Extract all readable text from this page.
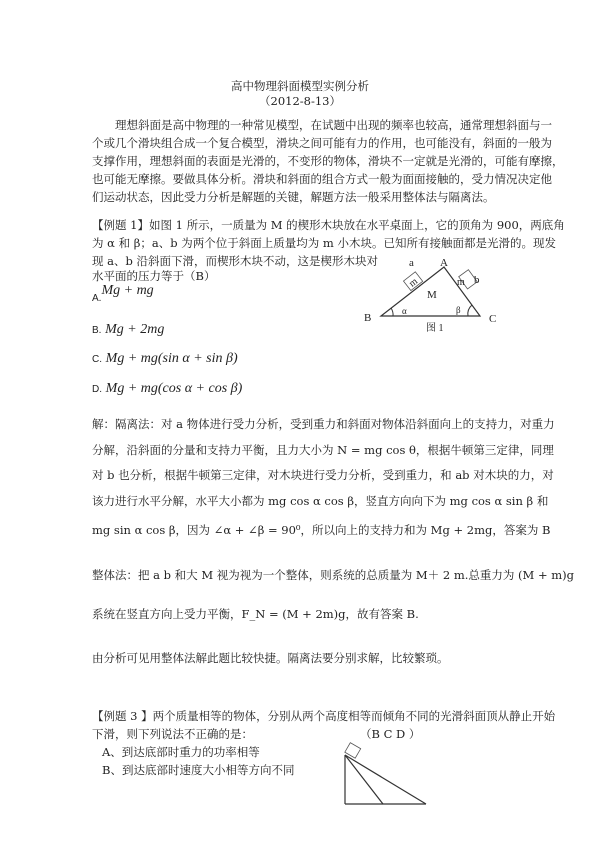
高中物理斜面模型实例分析
（2012-8-13）
　　理想斜面是高中物理的一种常见模型，在试题中出现的频率也较高，通常理想斜面与一
个或几个滑块组合成一个复合模型，滑块之间可能有力的作用，也可能没有，斜面的一般为
支撑作用，理想斜面的表面是光滑的，不变形的物体，滑块不一定就是光滑的，可能有摩擦，
也可能无摩擦。要做具体分析。滑块和斜面的组合方式一般为面面接触的，受力情况决定他
们运动状态，因此受力分析是解题的关键，解题方法一般采用整体法与隔离法。
【例题 1】如图 1 所示，一质量为 M 的楔形木块放在水平桌面上，它的顶角为 900，两底角
为 α 和 β；a、b 为两个位于斜面上质量均为 m 小木块。已知所有接触面都是光滑的。现发
现 a、b 沿斜面下滑，而楔形木块不动，这是楔形木块对
水平面的压力等于（B）
A.Mg + mg
B. Mg + 2mg
C. Mg + mg(sin α + sin β)
D. Mg + mg(cos α + cos β)
m	m
a A
b
M
B	C
α	β
图 1
解：隔离法：对 a 物体进行受力分析，受到重力和斜面对物体沿斜面向上的支持力，对重力
分解，沿斜面的分量和支持力平衡，且力大小为 N = mg cos θ，根据牛顿第三定律，同理
对 b 也分析，根据牛顿第三定律，对木块进行受力分析，受到重力，和 ab 对木块的力，对
该力进行水平分解，水平大小都为 mg cos α cos β，竖直方向向下为 mg cos α sin β 和
mg sin α cos β，因为 ∠α + ∠β = 90⁰，所以向上的支持力和为 Mg + 2mg，答案为 B
整体法：把 a b 和大 M 视为视为一个整体，则系统的总质量为 M＋ 2 m.总重力为 (M + m)g
系统在竖直方向上受力平衡，F_N = (M + 2m)g，故有答案 B.
由分析可见用整体法解此题比较快捷。隔离法要分别求解，比较繁琐。
【例题 3 】两个质量相等的物体，分别从两个高度相等而倾角不同的光滑斜面顶从静止开始
下滑，则下列说法不正确的是：	（B C D ）
A、到达底部时重力的功率相等
B、到达底部时速度大小相等方向不同
